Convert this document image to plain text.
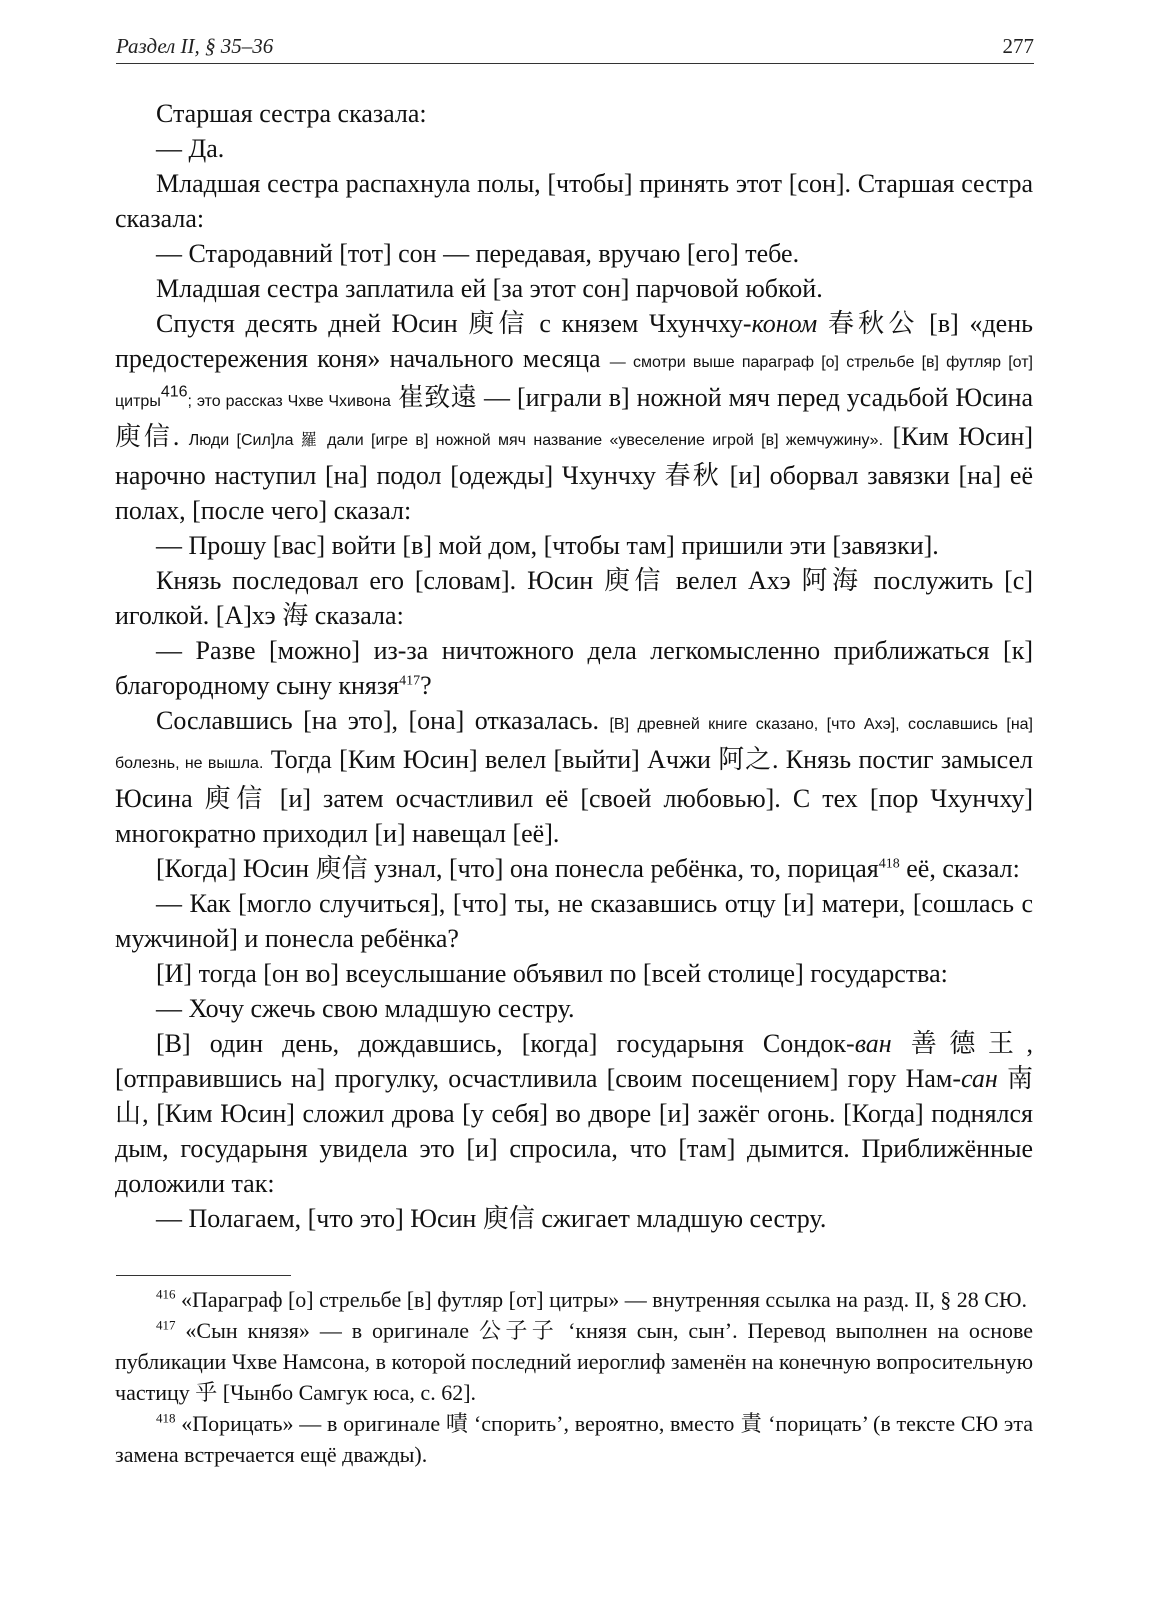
Раздел II, § 35–36	277

Старшая сестра сказала:

— Да.

Младшая сестра распахнула полы, [чтобы] принять этот [сон]. Старшая сестра сказала:

— Стародавний [тот] сон — передавая, вручаю [его] тебе.

Младшая сестра заплатила ей [за этот сон] парчовой юбкой.

Спустя десять дней Юсин 庾信 с князем Чхунчху-коном 春秋公 [в] «день предостережения коня» начального месяца — смотри выше параграф [о] стрельбе [в] футляр [от] цитры$^{416}$; это рассказ Чхве Чхивона 崔致遠 — [играли в] ножной мяч перед усадьбой Юсина 庾信. Люди [Сил]ла 羅 дали [игре в] ножной мяч название «увеселение игрой [в] жемчужину». [Ким Юсин] нарочно наступил [на] подол [одежды] Чхунчху 春秋 [и] оборвал завязки [на] её полах, [после чего] сказал:

— Прошу [вас] войти [в] мой дом, [чтобы там] пришили эти [завязки].

Князь последовал его [словам]. Юсин 庾信 велел Ахэ 阿海 послужить [с] иголкой. [А]хэ 海 сказала:

— Разве [можно] из-за ничтожного дела легкомысленно приближаться [к] благородному сыну князя$^{417}$?

Сославшись [на это], [она] отказалась. [В] древней книге сказано, [что Ахэ], сославшись [на] болезнь, не вышла. Тогда [Ким Юсин] велел [выйти] Ачжи 阿之. Князь постиг замысел Юсина 庾信 [и] затем осчастливил её [своей любовью]. С тех [пор Чхунчху] многократно приходил [и] навещал [её].

[Когда] Юсин 庾信 узнал, [что] она понесла ребёнка, то, порицая$^{418}$ её, сказал:

— Как [могло случиться], [что] ты, не сказавшись отцу [и] матери, [сошлась с мужчиной] и понесла ребёнка?

[И] тогда [он во] всеуслышание объявил по [всей столице] государства:

— Хочу сжечь свою младшую сестру.

[В] один день, дождавшись, [когда] государыня Сондок-ван 善德王, [отправившись на] прогулку, осчастливила [своим посещением] гору Нам-сан 南山, [Ким Юсин] сложил дрова [у себя] во дворе [и] зажёг огонь. [Когда] поднялся дым, государыня увидела это [и] спросила, что [там] дымится. Приближённые доложили так:

— Полагаем, [что это] Юсин 庾信 сжигает младшую сестру.

$^{416}$ «Параграф [о] стрельбе [в] футляр [от] цитры» — внутренняя ссылка на разд. II, § 28 СЮ.

$^{417}$ «Сын князя» — в оригинале 公子子 ‘князя сын, сын’. Перевод выполнен на основе публикации Чхве Намсона, в которой последний иероглиф заменён на конечную вопросительную частицу 乎 [Чынбо Самгук юса, с. 62].

$^{418}$ «Порицать» — в оригинале 嘖 ‘спорить’, вероятно, вместо 責 ‘порицать’ (в тексте СЮ эта замена встречается ещё дважды).
